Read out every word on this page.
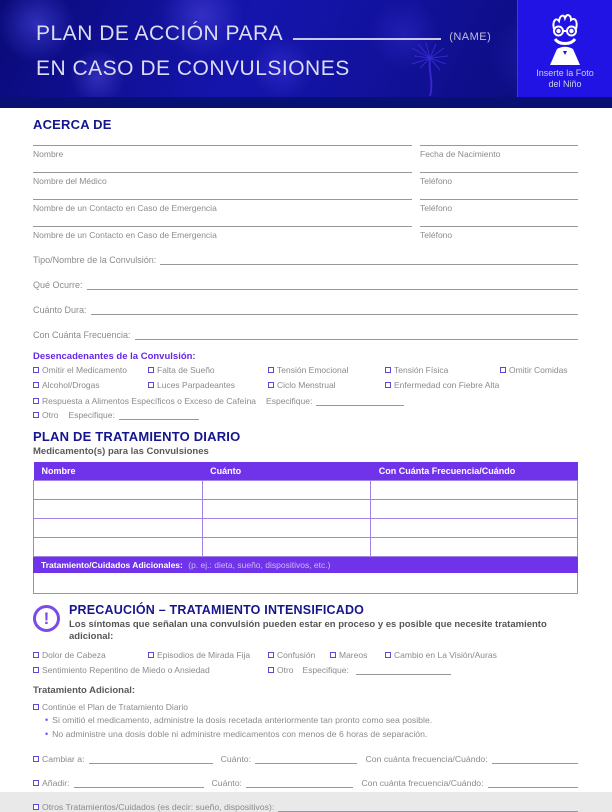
PLAN DE ACCIÓN PARA	(NAME)
EN CASO DE CONVULSIONES	Inserte la Foto
del Niño
ACERCA DE
Nombre	Fecha de Nacimiento
Nombre del Médico	Teléfono
Nombre de un Contacto en Caso de Emergencia	Teléfono
Nombre de un Contacto en Caso de Emergencia	Teléfono
Tipo/Nombre de la Convulsión:
Qué Ocurre:
Cuánto Dura:
Con Cuánta Frecuencia:
Desencadenantes de la Convulsión:
Omitir el Medicamento	Falta de Sueño	Tensión Emocional	Tensión Física	Omitir Comidas
Alcohol/Drogas	Luces Parpadeantes	Ciclo Menstrual	Enfermedad con Fiebre Alta
Respuesta a Alimentos Específicos o Exceso de Cafeína Especifique:
Otro Especifique:
PLAN DE TRATAMIENTO DIARIO
Medicamento(s) para las Convulsiones
Nombre	Cuánto	Con Cuánta Frecuencia/Cuándo

Tratamiento/Cuidados Adicionales: (p. ej.: dieta, sueño, dispositivos, etc.)
!	PRECAUCIÓN – TRATAMIENTO INTENSIFICADO
Los síntomas que señalan una convulsión pueden estar en proceso y es posible que necesite tratamiento adicional:
Dolor de Cabeza	Episodios de Mirada Fija	Confusión	Mareos	Cambio en La Visión/Auras
Sentimiento Repentino de Miedo o Ansiedad	Otro Especifique:
Tratamiento Adicional:
Continúe el Plan de Tratamiento Diario
• Si omitió el medicamento, administre la dosis recetada anteriormente tan pronto como sea posible.
• No administre una dosis doble ni administre medicamentos con menos de 6 horas de separación.
Cambiar a:	Cuánto:	Con cuánta frecuencia/Cuándo:
Añadir:	Cuánto:	Con cuánta frecuencia/Cuándo:
Otros Tratamientos/Cuidados (es decir: sueño, dispositivos):
